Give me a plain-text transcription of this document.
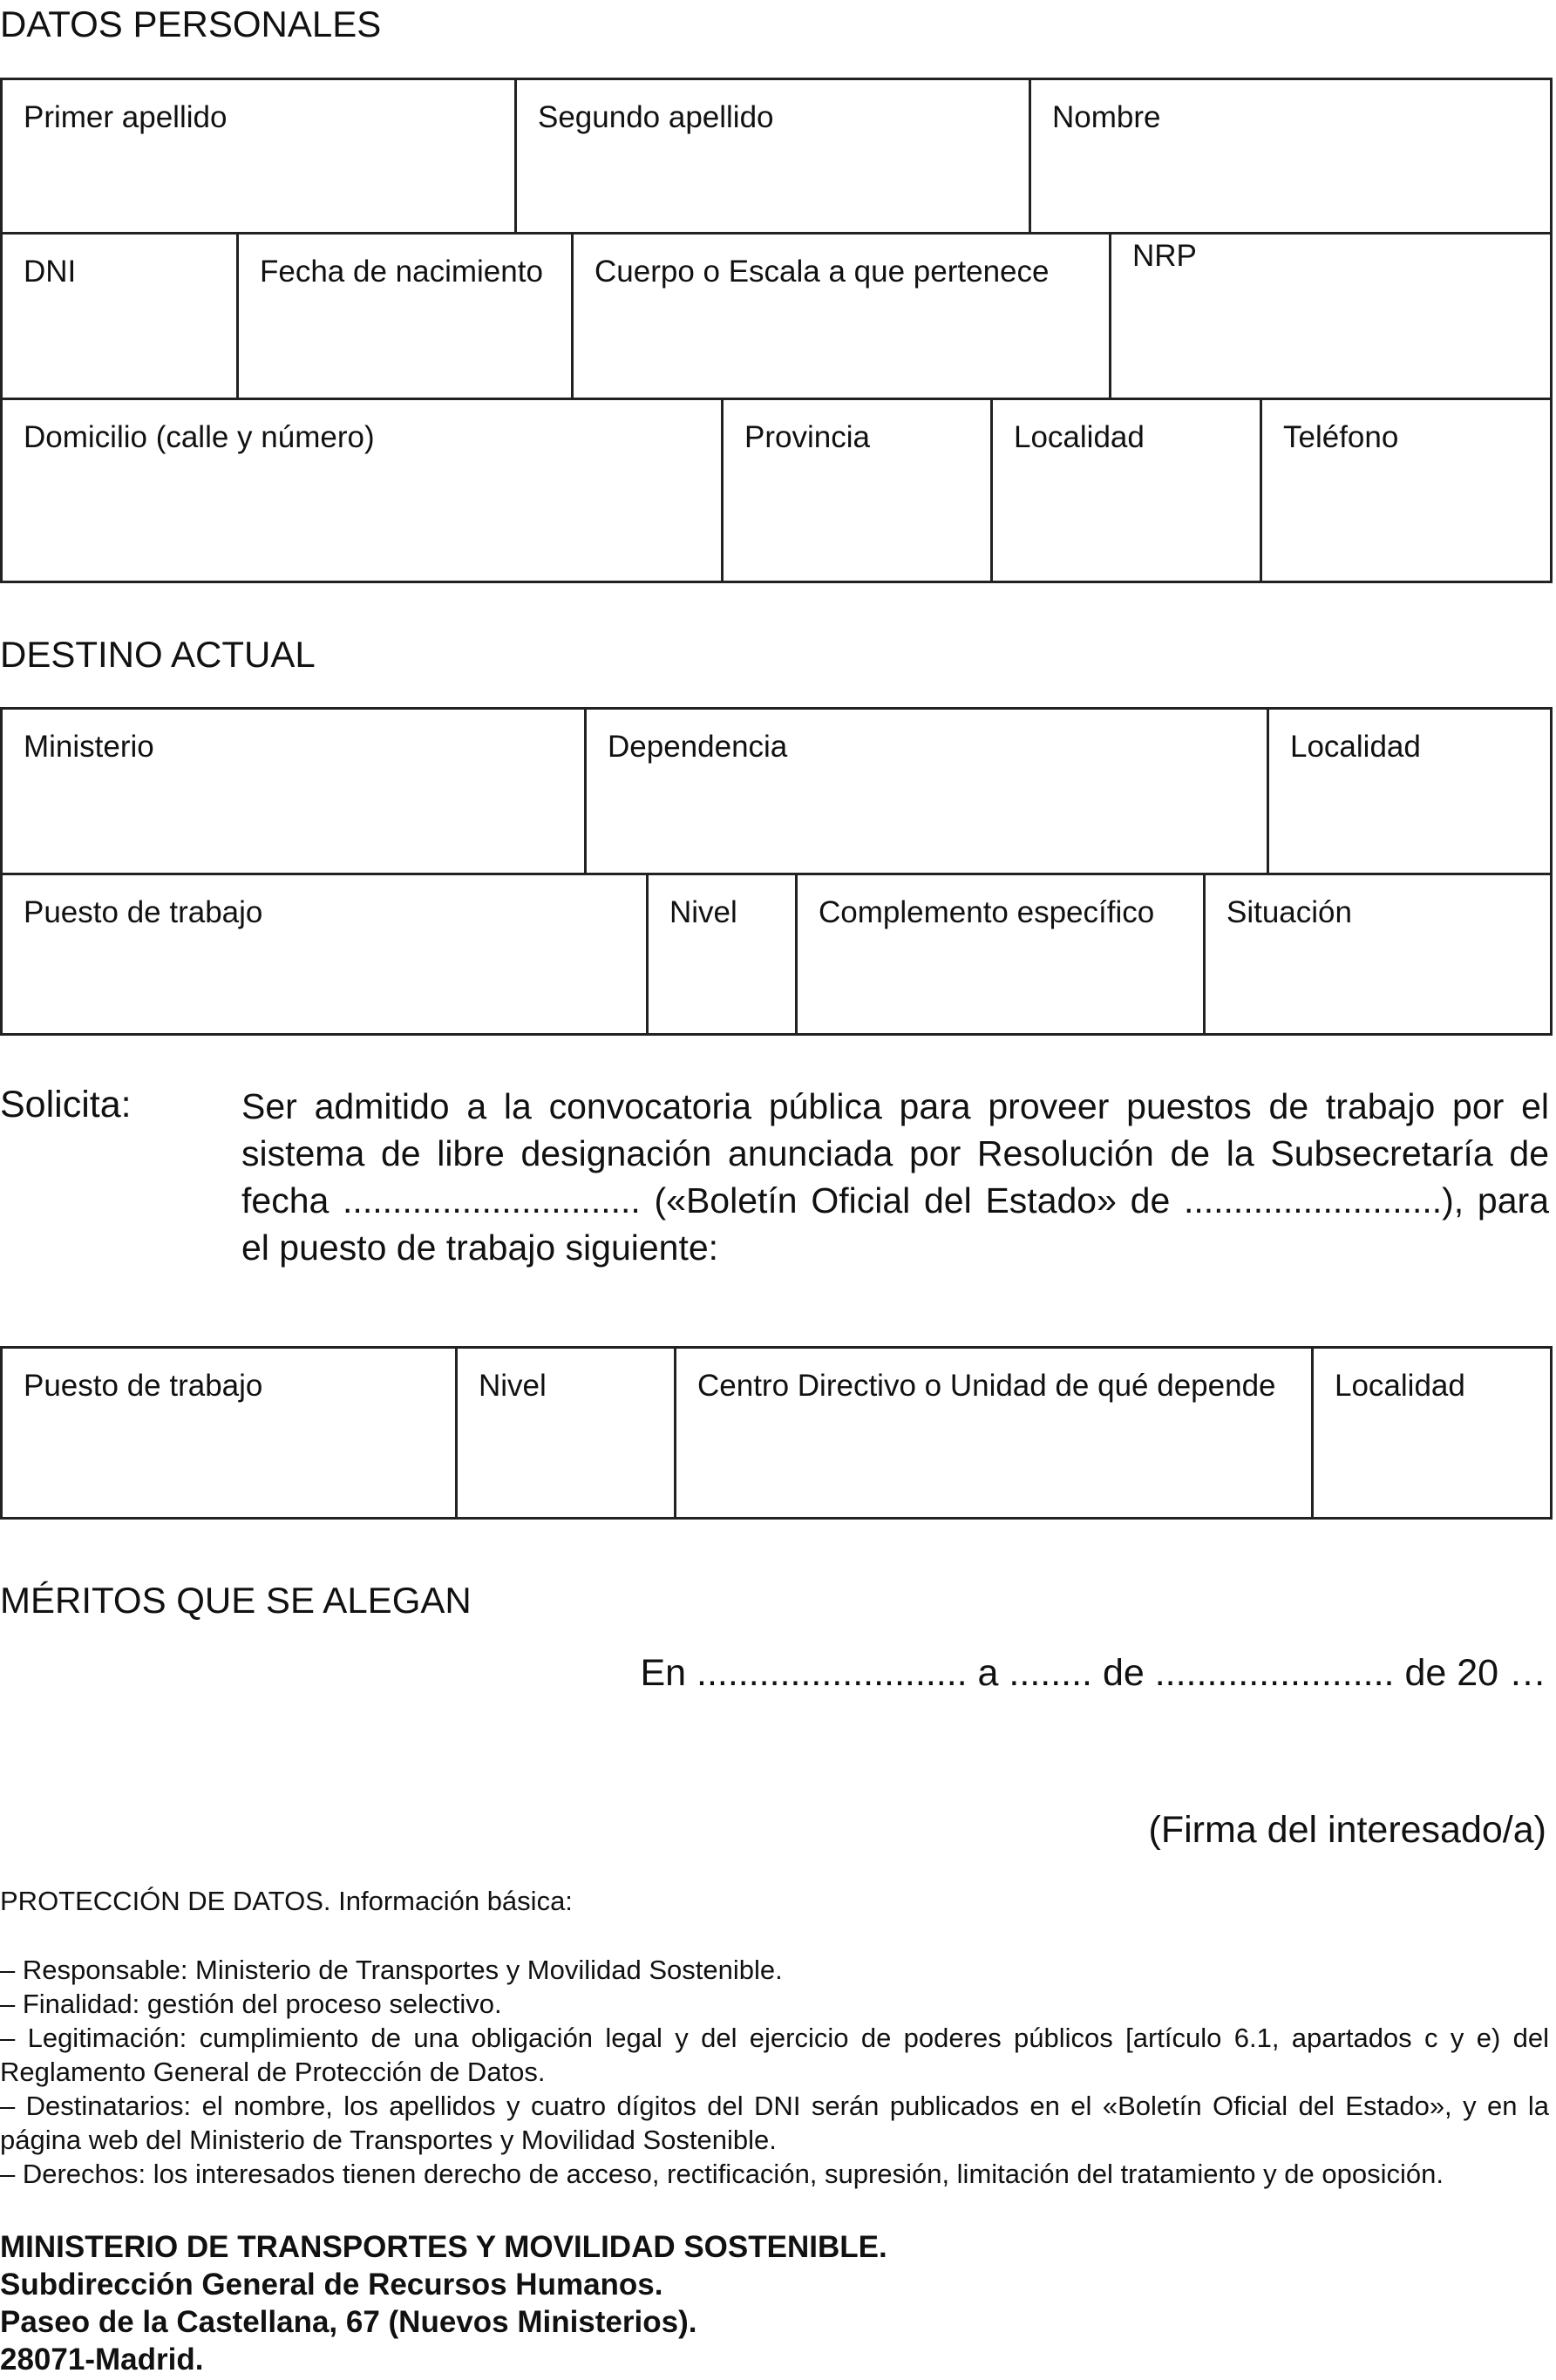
DATOS PERSONALES
Primer apellido	Segundo apellido	Nombre
DNI	Fecha de nacimiento	Cuerpo o Escala a que pertenece	NRP
Domicilio (calle y número)	Provincia	Localidad	Teléfono
DESTINO ACTUAL
Ministerio	Dependencia	Localidad
Puesto de trabajo	Nivel	Complemento específico	Situación
Solicita:	Ser admitido a la convocatoria pública para proveer puestos de trabajo por el sistema de libre designación anunciada por Resolución de la Subsecretaría de fecha .............................. («Boletín Oficial del Estado» de ..........................), para el puesto de trabajo siguiente:
Puesto de trabajo	Nivel	Centro Directivo o Unidad de qué depende	Localidad
MÉRITOS QUE SE ALEGAN
En .......................... a ........ de ....................... de 20 …
(Firma del interesado/a)
PROTECCIÓN DE DATOS. Información básica:
– Responsable: Ministerio de Transportes y Movilidad Sostenible.
– Finalidad: gestión del proceso selectivo.
– Legitimación: cumplimiento de una obligación legal y del ejercicio de poderes públicos [artículo 6.1, apartados c y e) del Reglamento General de Protección de Datos.
– Destinatarios: el nombre, los apellidos y cuatro dígitos del DNI serán publicados en el «Boletín Oficial del Estado», y en la página web del Ministerio de Transportes y Movilidad Sostenible.
– Derechos: los interesados tienen derecho de acceso, rectificación, supresión, limitación del tratamiento y de oposición.
MINISTERIO DE TRANSPORTES Y MOVILIDAD SOSTENIBLE.
Subdirección General de Recursos Humanos.
Paseo de la Castellana, 67 (Nuevos Ministerios).
28071-Madrid.
